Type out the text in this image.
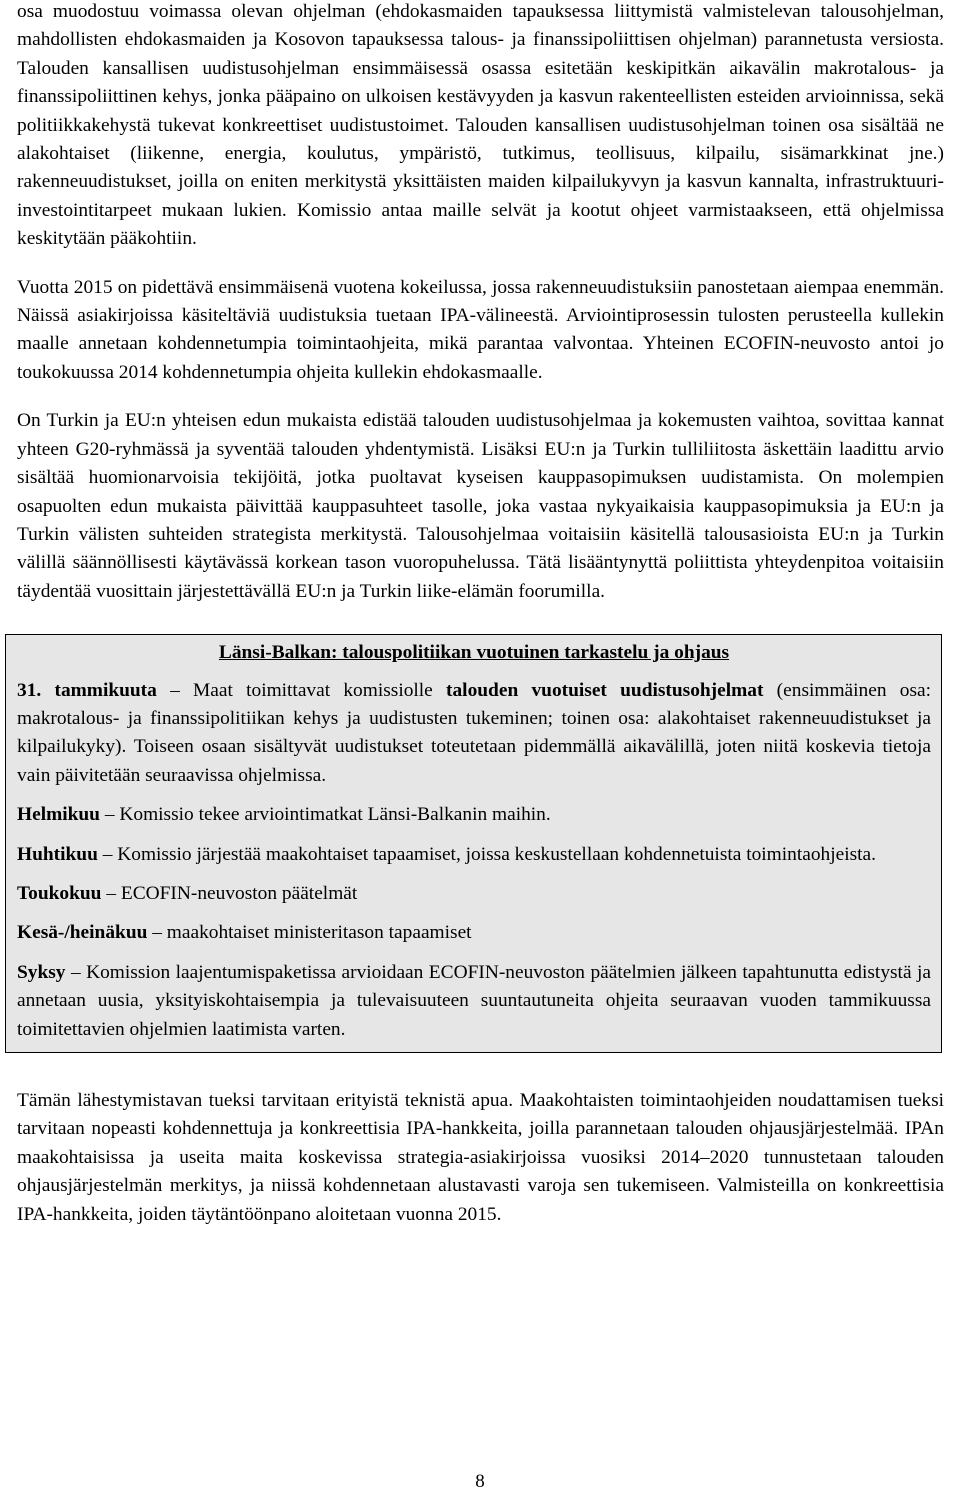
osa muodostuu voimassa olevan ohjelman (ehdokasmaiden tapauksessa liittymistä valmistelevan talousohjelman, mahdollisten ehdokasmaiden ja Kosovon tapauksessa talous- ja finanssipoliittisen ohjelman) parannetusta versiosta. Talouden kansallisen uudistusohjelman ensimmäisessä osassa esitetään keskipitkän aikavälin makrotalous- ja finanssipoliittinen kehys, jonka pääpaino on ulkoisen kestävyyden ja kasvun rakenteellisten esteiden arvioinnissa, sekä politiikkakehystä tukevat konkreettiset uudistustoimet. Talouden kansallisen uudistusohjelman toinen osa sisältää ne alakohtaiset (liikenne, energia, koulutus, ympäristö, tutkimus, teollisuus, kilpailu, sisämarkkinat jne.) rakenneuudistukset, joilla on eniten merkitystä yksittäisten maiden kilpailukyvyn ja kasvun kannalta, infrastruktuuri-investointitarpeet mukaan lukien. Komissio antaa maille selvät ja kootut ohjeet varmistaakseen, että ohjelmissa keskitytään pääkohtiin.

Vuotta 2015 on pidettävä ensimmäisenä vuotena kokeilussa, jossa rakenneuudistuksiin panostetaan aiempaa enemmän. Näissä asiakirjoissa käsiteltäviä uudistuksia tuetaan IPA-välineestä. Arviointiprosessin tulosten perusteella kullekin maalle annetaan kohdennetumpia toimintaohjeita, mikä parantaa valvontaa. Yhteinen ECOFIN-neuvosto antoi jo toukokuussa 2014 kohdennetumpia ohjeita kullekin ehdokasmaalle.

On Turkin ja EU:n yhteisen edun mukaista edistää talouden uudistusohjelmaa ja kokemusten vaihtoa, sovittaa kannat yhteen G20-ryhmässä ja syventää talouden yhdentymistä. Lisäksi EU:n ja Turkin tulliliitosta äskettäin laadittu arvio sisältää huomionarvoisia tekijöitä, jotka puoltavat kyseisen kauppasopimuksen uudistamista. On molempien osapuolten edun mukaista päivittää kauppasuhteet tasolle, joka vastaa nykyaikaisia kauppasopimuksia ja EU:n ja Turkin välisten suhteiden strategista merkitystä. Talousohjelmaa voitaisiin käsitellä talousasioista EU:n ja Turkin välillä säännöllisesti käytävässä korkean tason vuoropuhelussa. Tätä lisääntynyttä poliittista yhteydenpitoa voitaisiin täydentää vuosittain järjestettävällä EU:n ja Turkin liike-elämän foorumilla.

Länsi-Balkan: talouspolitiikan vuotuinen tarkastelu ja ohjaus

31. tammikuuta – Maat toimittavat komissiolle talouden vuotuiset uudistusohjelmat (ensimmäinen osa: makrotalous- ja finanssipolitiikan kehys ja uudistusten tukeminen; toinen osa: alakohtaiset rakenneuudistukset ja kilpailukyky). Toiseen osaan sisältyvät uudistukset toteutetaan pidemmällä aikavälillä, joten niitä koskevia tietoja vain päivitetään seuraavissa ohjelmissa.

Helmikuu – Komissio tekee arviointimatkat Länsi-Balkanin maihin.

Huhtikuu – Komissio järjestää maakohtaiset tapaamiset, joissa keskustellaan kohdennetuista toimintaohjeista.

Toukokuu – ECOFIN-neuvoston päätelmät

Kesä-/heinäkuu – maakohtaiset ministeritason tapaamiset

Syksy – Komission laajentumispaketissa arvioidaan ECOFIN-neuvoston päätelmien jälkeen tapahtunutta edistystä ja annetaan uusia, yksityiskohtaisempia ja tulevaisuuteen suuntautuneita ohjeita seuraavan vuoden tammikuussa toimitettavien ohjelmien laatimista varten.

Tämän lähestymistavan tueksi tarvitaan erityistä teknistä apua. Maakohtaisten toimintaohjeiden noudattamisen tueksi tarvitaan nopeasti kohdennettuja ja konkreettisia IPA-hankkeita, joilla parannetaan talouden ohjausjärjestelmää. IPAn maakohtaisissa ja useita maita koskevissa strategia-asiakirjoissa vuosiksi 2014–2020 tunnustetaan talouden ohjausjärjestelmän merkitys, ja niissä kohdennetaan alustavasti varoja sen tukemiseen. Valmisteilla on konkreettisia IPA-hankkeita, joiden täytäntöönpano aloitetaan vuonna 2015.

8
